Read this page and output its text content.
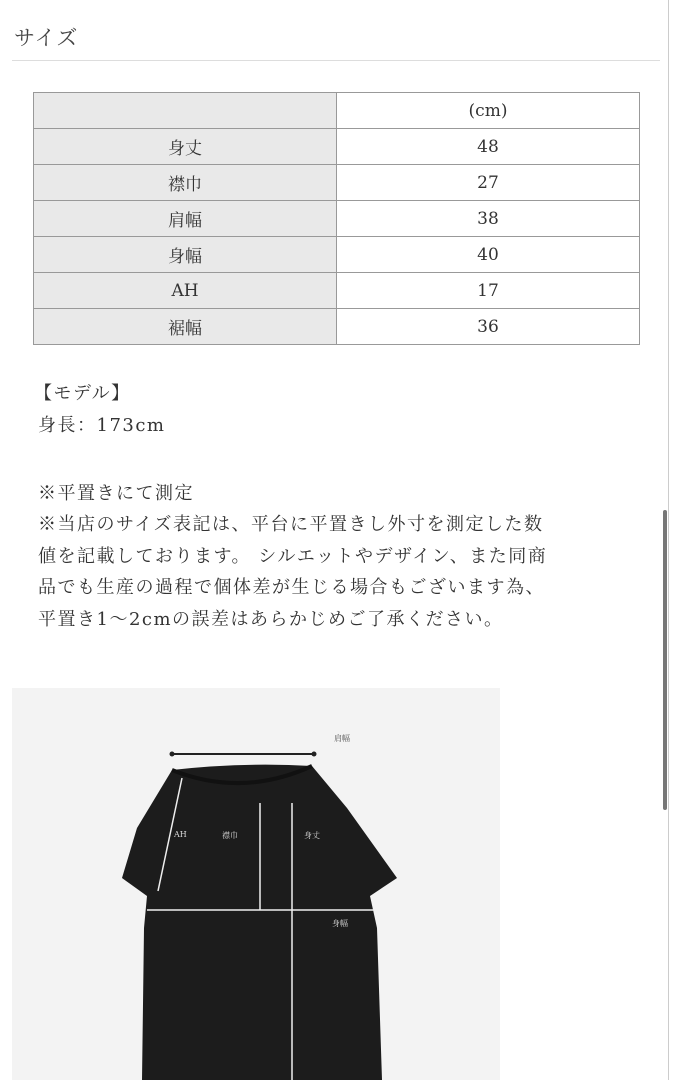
サイズ
	(cm)
身丈	48
襟巾	27
肩幅	38
身幅	40
AH	17
裾幅	36
【モデル】
身長：173cm
※平置きにて測定
※当店のサイズ表記は、平台に平置きし外寸を測定した数
値を記載しております。 シルエットやデザイン、また同商
品でも生産の過程で個体差が生じる場合もございます為、
平置き1〜2cmの誤差はあらかじめご了承ください。
肩幅
AH	襟巾	身丈
身幅
